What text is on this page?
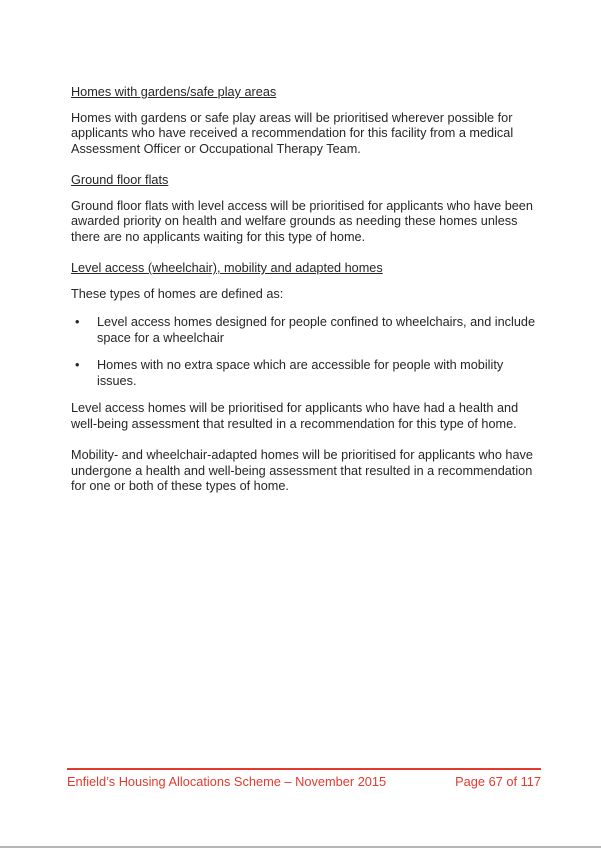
Homes with gardens/safe play areas

Homes with gardens or safe play areas will be prioritised wherever possible for applicants who have received a recommendation for this facility from a medical Assessment Officer or Occupational Therapy Team.

Ground floor flats

Ground floor flats with level access will be prioritised for applicants who have been awarded priority on health and welfare grounds as needing these homes unless there are no applicants waiting for this type of home.

Level access (wheelchair), mobility and adapted homes

These types of homes are defined as:

•	Level access homes designed for people confined to wheelchairs, and include space for a wheelchair
•	Homes with no extra space which are accessible for people with mobility issues.

Level access homes will be prioritised for applicants who have had a health and well-being assessment that resulted in a recommendation for this type of home.

Mobility- and wheelchair-adapted homes will be prioritised for applicants who have undergone a health and well-being assessment that resulted in a recommendation for one or both of these types of home.

Enfield’s Housing Allocations Scheme – November 2015	Page 67 of 117
